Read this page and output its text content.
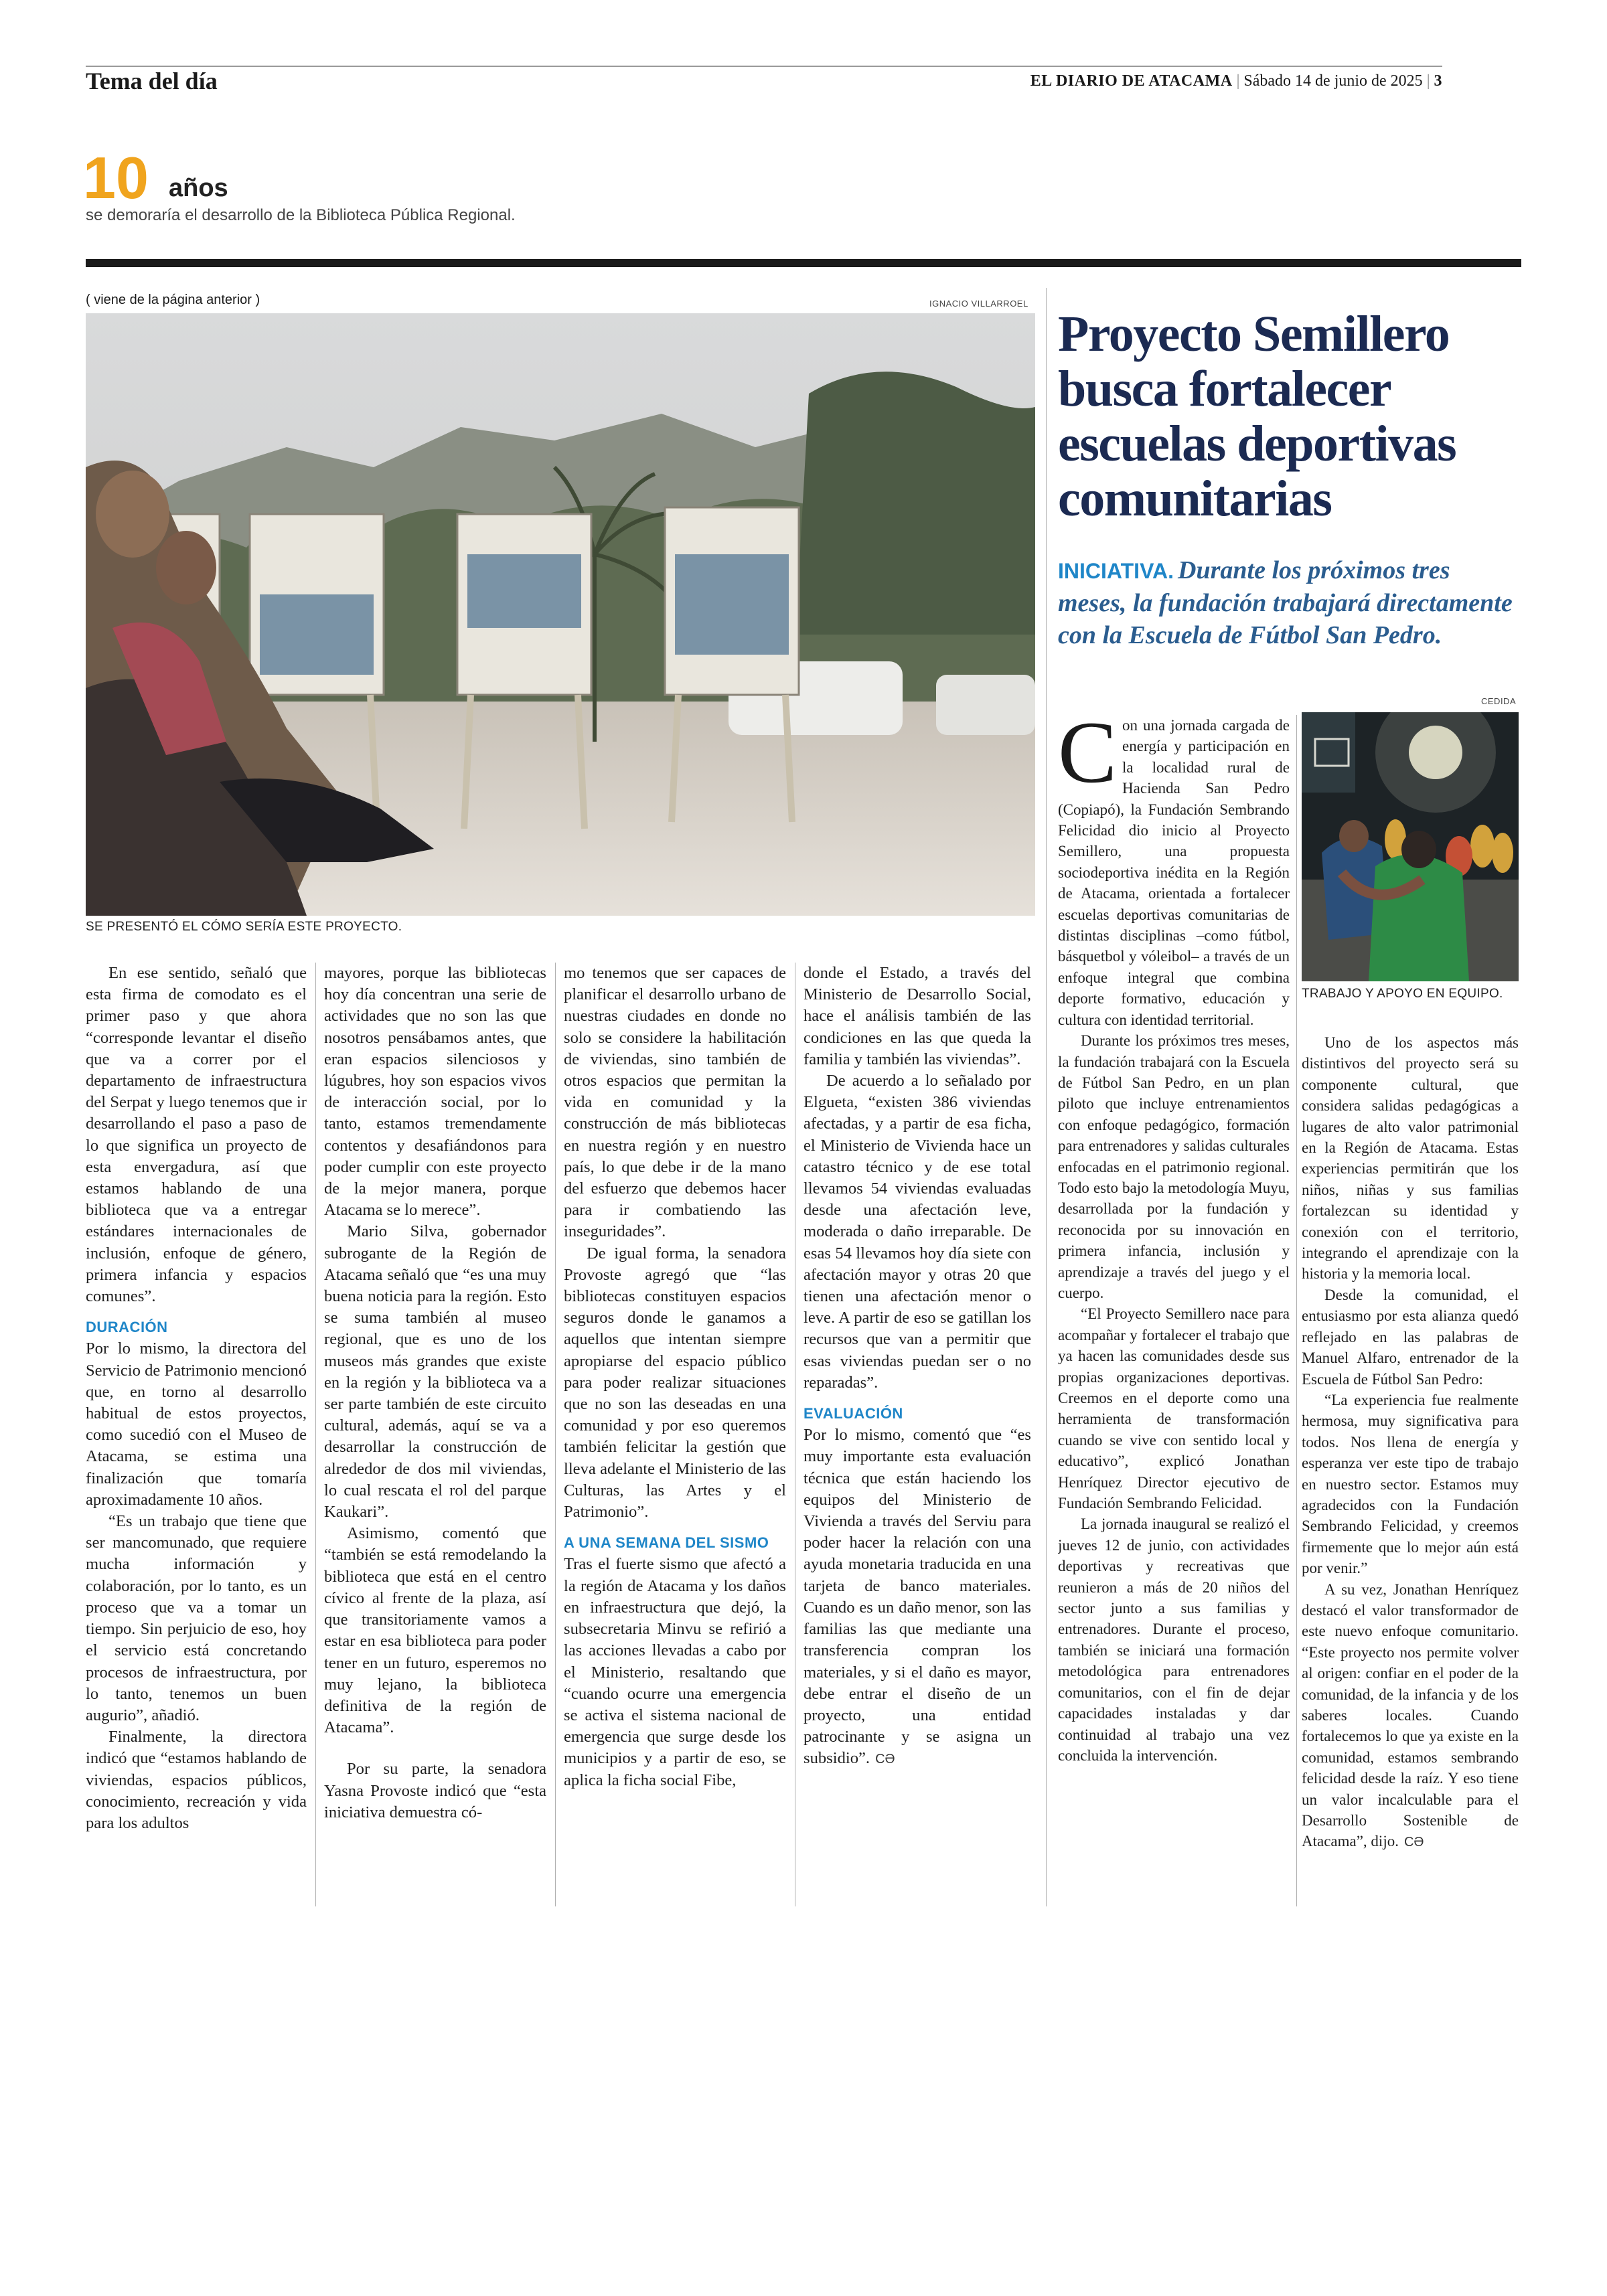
Tema del día	EL DIARIO DE ATACAMA | Sábado 14 de junio de 2025 | 3
10 años
se demoraría el desarrollo de la Biblioteca Pública Regional.
( viene de la página anterior )	IGNACIO VILLARROEL
SE PRESENTÓ EL CÓMO SERÍA ESTE PROYECTO.

En ese sentido, señaló que esta firma de comodato es el primer paso y que ahora “corresponde levantar el diseño que va a correr por el departamento de infraestructura del Serpat y luego tenemos que ir desarrollando el paso a paso de lo que significa un proyecto de esta envergadura, así que estamos hablando de una biblioteca que va a entregar estándares internacionales de inclusión, enfoque de género, primera infancia y espacios comunes”.

DURACIÓN

Por lo mismo, la directora del Servicio de Patrimonio mencionó que, en torno al desarrollo habitual de estos proyectos, como sucedió con el Museo de Atacama, se estima una finalización que tomaría aproximadamente 10 años.

“Es un trabajo que tiene que ser mancomunado, que requiere mucha información y colaboración, por lo tanto, es un proceso que va a tomar un tiempo. Sin perjuicio de eso, hoy el servicio está concretando procesos de infraestructura, por lo tanto, tenemos un buen augurio”, añadió.

Finalmente, la directora indicó que “estamos hablando de viviendas, espacios públicos, conocimiento, recreación y vida para los adultos

mayores, porque las bibliotecas hoy día concentran una serie de actividades que no son las que nosotros pensábamos antes, que eran espacios silenciosos y lúgubres, hoy son espacios vivos de interacción social, por lo tanto, estamos tremendamente contentos y desafiándonos para poder cumplir con este proyecto de la mejor manera, porque Atacama se lo merece”.

Mario Silva, gobernador subrogante de la Región de Atacama señaló que “es una muy buena noticia para la región. Esto se suma también al museo regional, que es uno de los museos más grandes que existe en la región y la biblioteca va a ser parte también de este circuito cultural, además, aquí se va a desarrollar la construcción de alrededor de dos mil viviendas, lo cual rescata el rol del parque Kaukari”.

Asimismo, comentó que “también se está remodelando la biblioteca que está en el centro cívico al frente de la plaza, así que transitoriamente vamos a estar en esa biblioteca para poder tener en un futuro, esperemos no muy lejano, la biblioteca definitiva de la región de Atacama”.

Por su parte, la senadora Yasna Provoste indicó que “esta iniciativa demuestra có-

mo tenemos que ser capaces de planificar el desarrollo urbano de nuestras ciudades en donde no solo se considere la habilitación de viviendas, sino también de otros espacios que permitan la vida en comunidad y la construcción de más bibliotecas en nuestra región y en nuestro país, lo que debe ir de la mano del esfuerzo que debemos hacer para ir combatiendo las inseguridades”.

De igual forma, la senadora Provoste agregó que “las bibliotecas constituyen espacios seguros donde le ganamos a aquellos que intentan siempre apropiarse del espacio público para poder realizar situaciones que no son las deseadas en una comunidad y por eso queremos también felicitar la gestión que lleva adelante el Ministerio de las Culturas, las Artes y el Patrimonio”.

A UNA SEMANA DEL SISMO

Tras el fuerte sismo que afectó a la región de Atacama y los daños en infraestructura que dejó, la subsecretaria Minvu se refirió a las acciones llevadas a cabo por el Ministerio, resaltando que “cuando ocurre una emergencia se activa el sistema nacional de emergencia que surge desde los municipios y a partir de eso, se aplica la ficha social Fibe,

donde el Estado, a través del Ministerio de Desarrollo Social, hace el análisis también de las condiciones en las que queda la familia y también las viviendas”.

De acuerdo a lo señalado por Elgueta, “existen 386 viviendas afectadas, y a partir de esa ficha, el Ministerio de Vivienda hace un catastro técnico y de ese total llevamos 54 viviendas evaluadas desde una afectación leve, moderada o daño irreparable. De esas 54 llevamos hoy día siete con afectación mayor y otras 20 que tienen una afectación menor o leve. A partir de eso se gatillan los recursos que van a permitir que esas viviendas puedan ser o no reparadas”.

EVALUACIÓN

Por lo mismo, comentó que “es muy importante esta evaluación técnica que están haciendo los equipos del Ministerio de Vivienda a través del Serviu para poder hacer la relación con una ayuda monetaria traducida en una tarjeta de banco materiales. Cuando es un daño menor, son las familias las que mediante una transferencia compran los materiales, y si el daño es mayor, debe entrar el diseño de un proyecto, una entidad patrocinante y se asigna un subsidio”. CƏ

Proyecto Semillero busca fortalecer escuelas deportivas comunitarias
INICIATIVA. Durante los próximos tres meses, la fundación trabajará directamente con la Escuela de Fútbol San Pedro.
CEDIDA
TRABAJO Y APOYO EN EQUIPO.

Con una jornada cargada de energía y participación en la localidad rural de Hacienda San Pedro (Copiapó), la Fundación Sembrando Felicidad dio inicio al Proyecto Semillero, una propuesta sociodeportiva inédita en la Región de Atacama, orientada a fortalecer escuelas deportivas comunitarias de distintas disciplinas –como fútbol, básquetbol y vóleibol– a través de un enfoque integral que combina deporte formativo, educación y cultura con identidad territorial.

Durante los próximos tres meses, la fundación trabajará con la Escuela de Fútbol San Pedro, en un plan piloto que incluye entrenamientos con enfoque pedagógico, formación para entrenadores y salidas culturales enfocadas en el patrimonio regional. Todo esto bajo la metodología Muyu, desarrollada por la fundación y reconocida por su innovación en primera infancia, inclusión y aprendizaje a través del juego y el cuerpo.

“El Proyecto Semillero nace para acompañar y fortalecer el trabajo que ya hacen las comunidades desde sus propias organizaciones deportivas. Creemos en el deporte como una herramienta de transformación cuando se vive con sentido local y educativo”, explicó Jonathan Henríquez Director ejecutivo de Fundación Sembrando Felicidad.

La jornada inaugural se realizó el jueves 12 de junio, con actividades deportivas y recreativas que reunieron a más de 20 niños del sector junto a sus familias y entrenadores. Durante el proceso, también se iniciará una formación metodológica para entrenadores comunitarios, con el fin de dejar capacidades instaladas y dar continuidad al trabajo una vez concluida la intervención.

Uno de los aspectos más distintivos del proyecto será su componente cultural, que considera salidas pedagógicas a lugares de alto valor patrimonial en la Región de Atacama. Estas experiencias permitirán que los niños, niñas y sus familias fortalezcan su identidad y conexión con el territorio, integrando el aprendizaje con la historia y la memoria local.

Desde la comunidad, el entusiasmo por esta alianza quedó reflejado en las palabras de Manuel Alfaro, entrenador de la Escuela de Fútbol San Pedro:

“La experiencia fue realmente hermosa, muy significativa para todos. Nos llena de energía y esperanza ver este tipo de trabajo en nuestro sector. Estamos muy agradecidos con la Fundación Sembrando Felicidad, y creemos firmemente que lo mejor aún está por venir.”

A su vez, Jonathan Henríquez destacó el valor transformador de este nuevo enfoque comunitario. “Este proyecto nos permite volver al origen: confiar en el poder de la comunidad, de la infancia y de los saberes locales. Cuando fortalecemos lo que ya existe en la comunidad, estamos sembrando felicidad desde la raíz. Y eso tiene un valor incalculable para el Desarrollo Sostenible de Atacama”, dijo. CƏ
